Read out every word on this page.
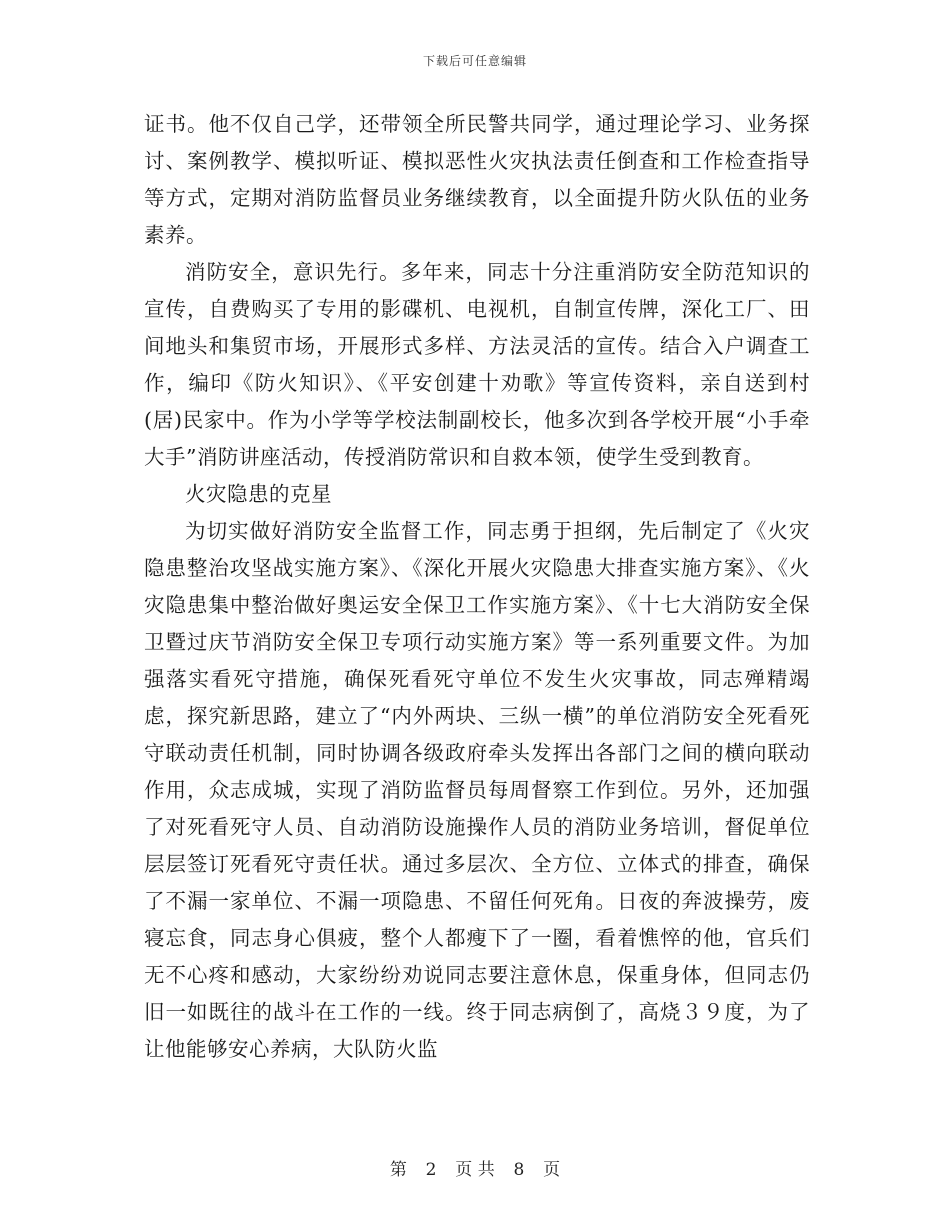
下载后可任意编辑

证书。他不仅自己学，还带领全所民警共同学，通过理论学习、业务探讨、案例教学、模拟听证、模拟恶性火灾执法责任倒查和工作检查指导等方式，定期对消防监督员业务继续教育，以全面提升防火队伍的业务素养。

消防安全，意识先行。多年来，同志十分注重消防安全防范知识的宣传，自费购买了专用的影碟机、电视机，自制宣传牌，深化工厂、田间地头和集贸市场，开展形式多样、方法灵活的宣传。结合入户调查工作，编印《防火知识》、《平安创建十劝歌》等宣传资料，亲自送到村(居)民家中。作为小学等学校法制副校长，他多次到各学校开展“小手牵大手”消防讲座活动，传授消防常识和自救本领，使学生受到教育。

火灾隐患的克星

为切实做好消防安全监督工作，同志勇于担纲，先后制定了《火灾隐患整治攻坚战实施方案》、《深化开展火灾隐患大排查实施方案》、《火灾隐患集中整治做好奥运安全保卫工作实施方案》、《十七大消防安全保卫暨过庆节消防安全保卫专项行动实施方案》等一系列重要文件。为加强落实看死守措施，确保死看死守单位不发生火灾事故，同志殚精竭虑，探究新思路，建立了“内外两块、三纵一横”的单位消防安全死看死守联动责任机制，同时协调各级政府牵头发挥出各部门之间的横向联动作用，众志成城，实现了消防监督员每周督察工作到位。另外，还加强了对死看死守人员、自动消防设施操作人员的消防业务培训，督促单位层层签订死看死守责任状。通过多层次、全方位、立体式的排查，确保了不漏一家单位、不漏一项隐患、不留任何死角。日夜的奔波操劳，废寝忘食，同志身心俱疲，整个人都瘦下了一圈，看着憔悴的他，官兵们无不心疼和感动，大家纷纷劝说同志要注意休息，保重身体，但同志仍旧一如既往的战斗在工作的一线。终于同志病倒了，高烧３９度，为了让他能够安心养病，大队防火监

第 2 页 共 8 页
